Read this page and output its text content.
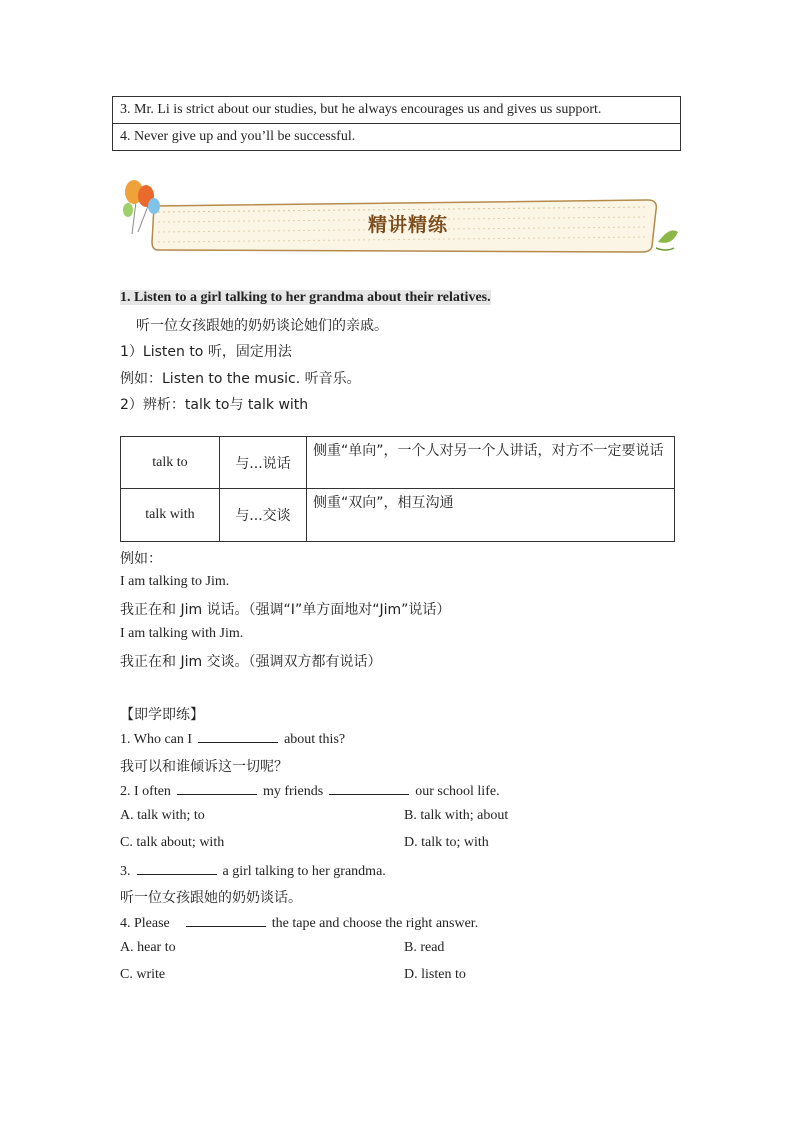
3. Mr. Li is strict about our studies, but he always encourages us and gives us support.
4. Never give up and you’ll be successful.
精讲精练
1. Listen to a girl talking to her grandma about their relatives.
听一位女孩跟她的奶奶谈论她们的亲戚。
1）Listen to 听，固定用法
例如：Listen to the music. 听音乐。
2）辨析：talk to与 talk with
talk to	与...说话	侧重“单向”，一个人对另一个人讲话，对方不一定要说话
talk with	与...交谈	侧重“双向”，相互沟通
例如：
I am talking to Jim.
我正在和 Jim 说话。（强调“I”单方面地对“Jim”说话）
I am talking with Jim.
我正在和 Jim 交谈。（强调双方都有说话）
【即学即练】
1. Who can I	about this?
我可以和谁倾诉这一切呢？
2. I often	my friends	our school life.
A. talk with; to	B. talk with; about
C. talk about; with	D. talk to; with
3.	a girl talking to her grandma.
听一位女孩跟她的奶奶谈话。
4. Please	the tape and choose the right answer.
A. hear to	B. read
C. write	D. listen to
